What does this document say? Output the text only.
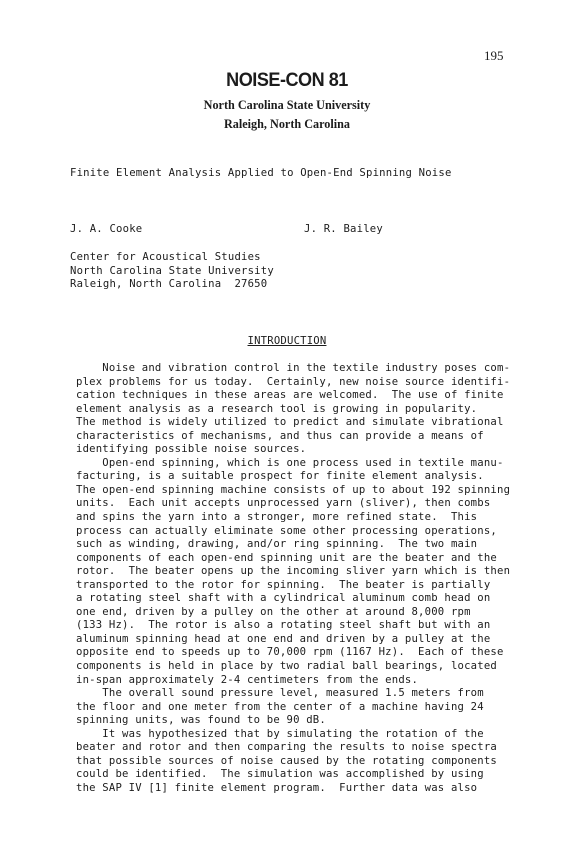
195
NOISE-CON 81
North Carolina State University
Raleigh, North Carolina
Finite Element Analysis Applied to Open-End Spinning Noise
J. A. Cooke	J. R. Bailey
Center for Acoustical Studies
North Carolina State University
Raleigh, North Carolina  27650
INTRODUCTION
Noise and vibration control in the textile industry poses com-
plex problems for us today.  Certainly, new noise source identifi-
cation techniques in these areas are welcomed.  The use of finite
element analysis as a research tool is growing in popularity.
The method is widely utilized to predict and simulate vibrational
characteristics of mechanisms, and thus can provide a means of
identifying possible noise sources.
Open-end spinning, which is one process used in textile manu-
facturing, is a suitable prospect for finite element analysis.
The open-end spinning machine consists of up to about 192 spinning
units.  Each unit accepts unprocessed yarn (sliver), then combs
and spins the yarn into a stronger, more refined state.  This
process can actually eliminate some other processing operations,
such as winding, drawing, and/or ring spinning.  The two main
components of each open-end spinning unit are the beater and the
rotor.  The beater opens up the incoming sliver yarn which is then
transported to the rotor for spinning.  The beater is partially
a rotating steel shaft with a cylindrical aluminum comb head on
one end, driven by a pulley on the other at around 8,000 rpm
(133 Hz).  The rotor is also a rotating steel shaft but with an
aluminum spinning head at one end and driven by a pulley at the
opposite end to speeds up to 70,000 rpm (1167 Hz).  Each of these
components is held in place by two radial ball bearings, located
in-span approximately 2-4 centimeters from the ends.
The overall sound pressure level, measured 1.5 meters from
the floor and one meter from the center of a machine having 24
spinning units, was found to be 90 dB.
It was hypothesized that by simulating the rotation of the
beater and rotor and then comparing the results to noise spectra
that possible sources of noise caused by the rotating components
could be identified.  The simulation was accomplished by using
the SAP IV [1] finite element program.  Further data was also
